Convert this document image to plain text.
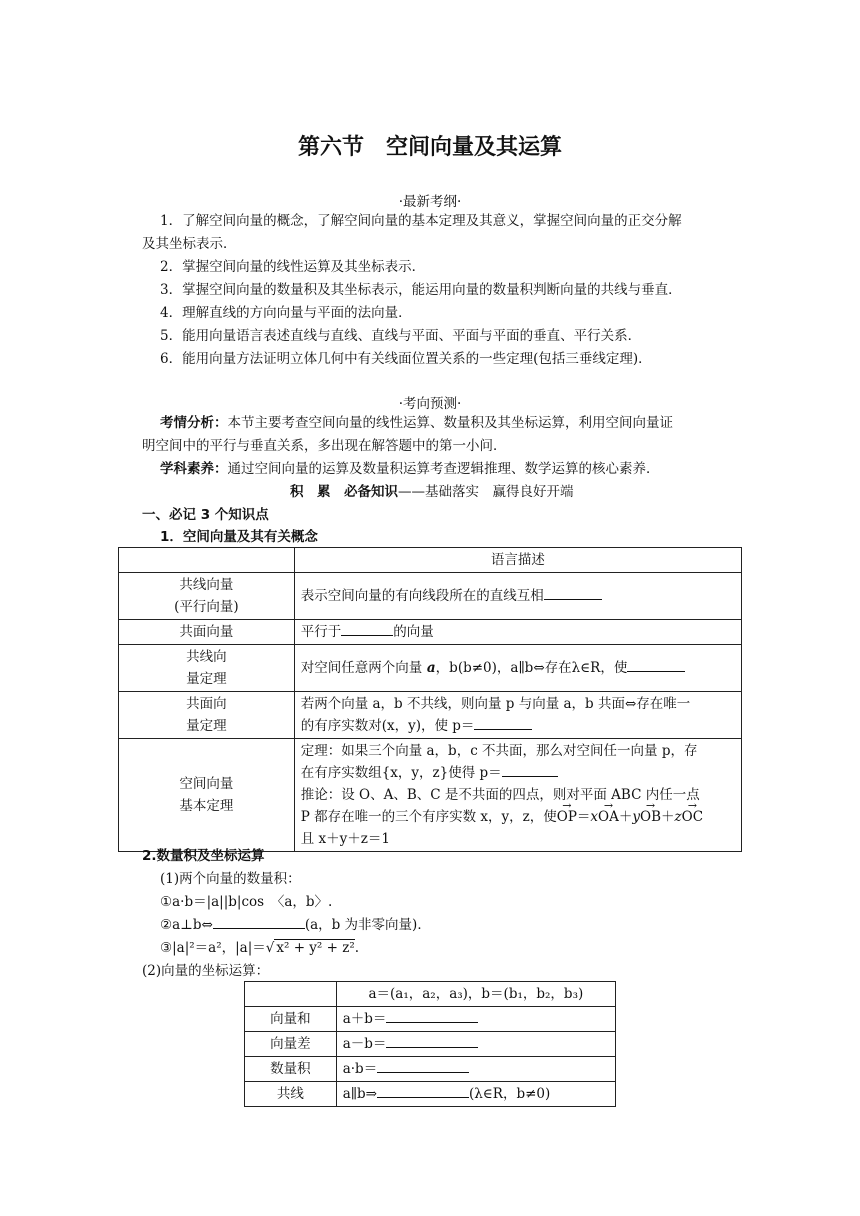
第六节　空间向量及其运算
·最新考纲·
1．了解空间向量的概念，了解空间向量的基本定理及其意义，掌握空间向量的正交分解
及其坐标表示．
2．掌握空间向量的线性运算及其坐标表示．
3．掌握空间向量的数量积及其坐标表示，能运用向量的数量积判断向量的共线与垂直．
4．理解直线的方向向量与平面的法向量．
5．能用向量语言表述直线与直线、直线与平面、平面与平面的垂直、平行关系．
6．能用向量方法证明立体几何中有关线面位置关系的一些定理(包括三垂线定理)．
·考向预测·
考情分析：本节主要考查空间向量的线性运算、数量积及其坐标运算，利用空间向量证
明空间中的平行与垂直关系，多出现在解答题中的第一小问．
学科素养：通过空间向量的运算及数量积运算考查逻辑推理、数学运算的核心素养．
积　累　必备知识——基础落实　赢得良好开端
一、必记 3 个知识点
1．空间向量及其有关概念
	语言描述
共线向量
(平行向量)	表示空间向量的有向线段所在的直线互相
共面向量	平行于 的向量
共线向
量定理	对空间任意两个向量 a，b(b≠0)，a∥b⇔存在λ∈R，使
共面向
量定理	若两个向量 a，b 不共线，则向量 p 与向量 a，b 共面⇔存在唯一
的有序实数对(x，y)，使 p＝
空间向量
基本定理	定理：如果三个向量 a，b，c 不共面，那么对空间任一向量 p，存
在有序实数组{x，y，z}使得 p＝
推论：设 O、A、B、C 是不共面的四点，则对平面 ABC 内任一点
P 都存在唯一的三个有序实数 x，y，z，使→ OP＝x→ OA＋y→ OB＋z→ OC
且 x＋y＋z＝1
2.数量积及坐标运算
(1)两个向量的数量积：
①a·b＝|a||b|cos　〈a，b〉.
②a⊥b⇔	(a，b 为非零向量)．
③|a|²＝a²，|a|＝√ x² + y² + z².
(2)向量的坐标运算：
	a＝(a₁，a₂，a₃)，b＝(b₁，b₂，b₃)
向量和	a＋b＝
向量差	a－b＝
数量积	a·b＝
共线	a∥b⇒ (λ∈R，b≠0)
